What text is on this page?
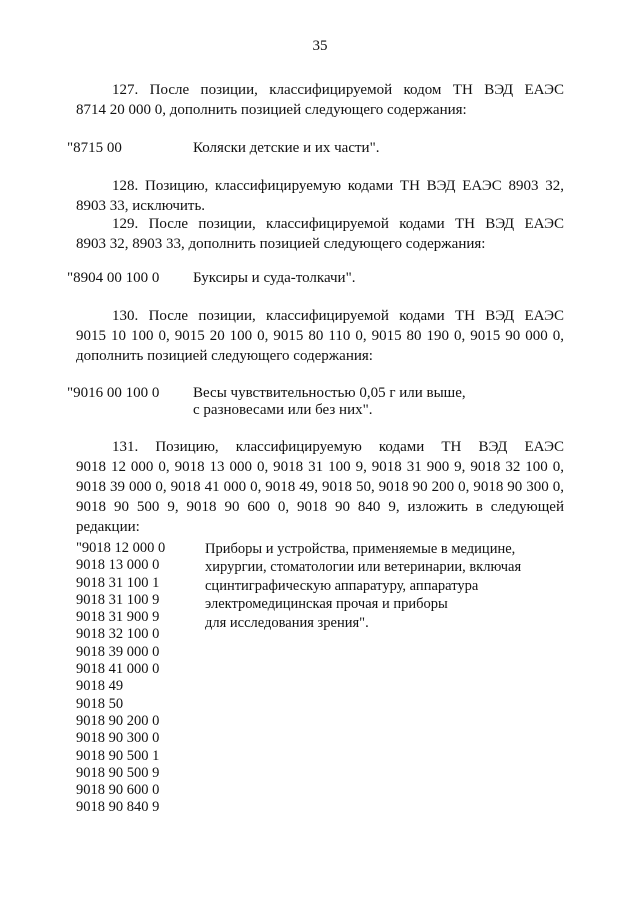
35
127. После позиции, классифицируемой кодом ТН ВЭД ЕАЭС
8714 20 000 0, дополнить позицией следующего содержания:
"8715 00	Коляски детские и их части".
128. Позицию, классифицируемую кодами ТН ВЭД ЕАЭС 8903 32,
8903 33, исключить.
129. После позиции, классифицируемой кодами ТН ВЭД ЕАЭС
8903 32, 8903 33, дополнить позицией следующего содержания:
"8904 00 100 0 Буксиры и суда-толкачи".
130. После позиции, классифицируемой кодами ТН ВЭД ЕАЭС
9015 10 100 0, 9015 20 100 0, 9015 80 110 0, 9015 80 190 0, 9015 90 000 0,
дополнить позицией следующего содержания:
"9016 00 100 0 Весы чувствительностью 0,05 г или выше,
с разновесами или без них".
131. Позицию, классифицируемую кодами ТН ВЭД ЕАЭС
9018 12 000 0, 9018 13 000 0, 9018 31 100 9, 9018 31 900 9, 9018 32 100 0,
9018 39 000 0, 9018 41 000 0, 9018 49, 9018 50, 9018 90 200 0, 9018 90 300 0,
9018 90 500 9, 9018 90 600 0, 9018 90 840 9, изложить в следующей
редакции:
"9018 12 000 0
9018 13 000 0
9018 31 100 1
9018 31 100 9
9018 31 900 9
9018 32 100 0
9018 39 000 0
9018 41 000 0
9018 49
9018 50
9018 90 200 0
9018 90 300 0
9018 90 500 1
9018 90 500 9
9018 90 600 0
9018 90 840 9
Приборы и устройства, применяемые в медицине,
хирургии, стоматологии или ветеринарии, включая
сцинтиграфическую аппаратуру, аппаратура
электромедицинская прочая и приборы
для исследования зрения".
